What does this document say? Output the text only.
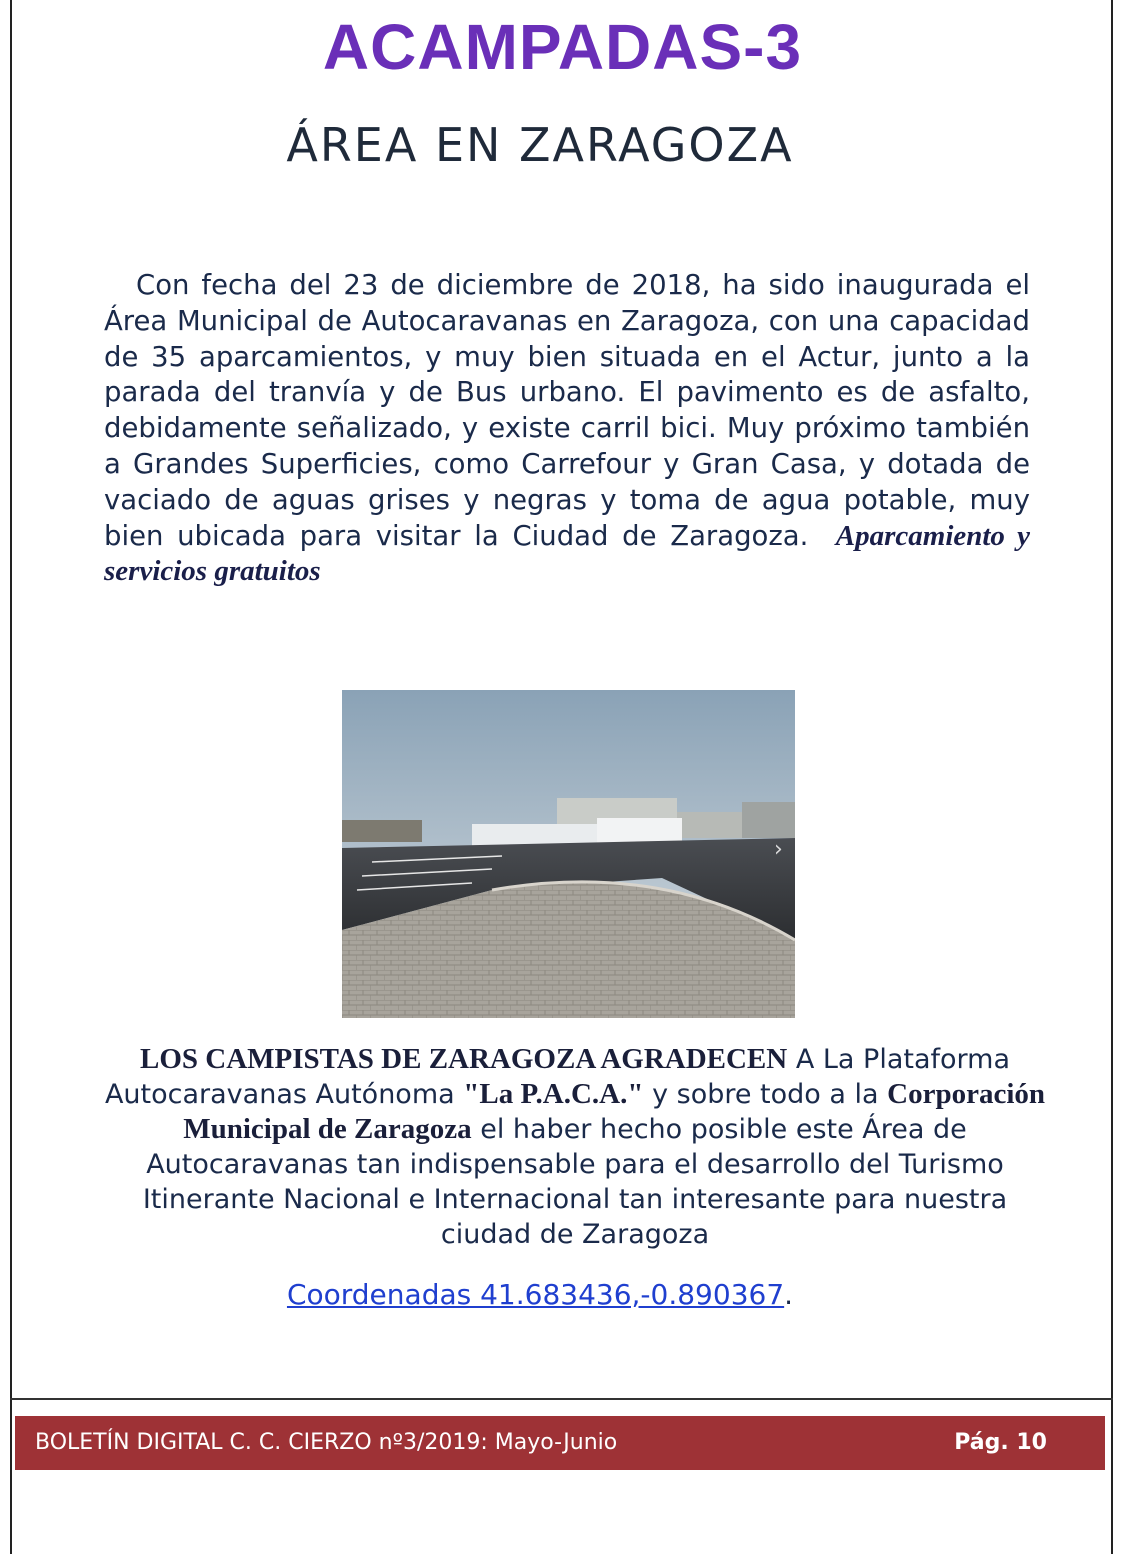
ACAMPADAS-3
ÁREA EN ZARAGOZA
Con fecha del 23 de diciembre de 2018, ha sido inaugurada el Área Municipal de Autocaravanas en Zaragoza, con una capacidad de 35 aparcamientos, y muy bien situada en el Actur, junto a la parada del tranvía y de Bus urbano. El pavimento es de asfalto, debidamente señalizado, y existe carril bici. Muy próximo también a Grandes Superficies, como Carrefour y Gran Casa, y dotada de vaciado de aguas grises y negras y toma de agua potable, muy bien ubicada para visitar la Ciudad de Zaragoza. Aparcamiento y servicios gratuitos
›
LOS CAMPISTAS DE ZARAGOZA AGRADECEN A La Plataforma Autocaravanas Autónoma "La P.A.C.A." y sobre todo a la Corporación Municipal de Zaragoza el haber hecho posible este Área de Autocaravanas tan indispensable para el desarrollo del Turismo Itinerante Nacional e Internacional tan interesante para nuestra ciudad de Zaragoza
Coordenadas 41.683436,-0.890367.
BOLETÍN DIGITAL C. C. CIERZO nº3/2019: Mayo-Junio	Pág. 10
